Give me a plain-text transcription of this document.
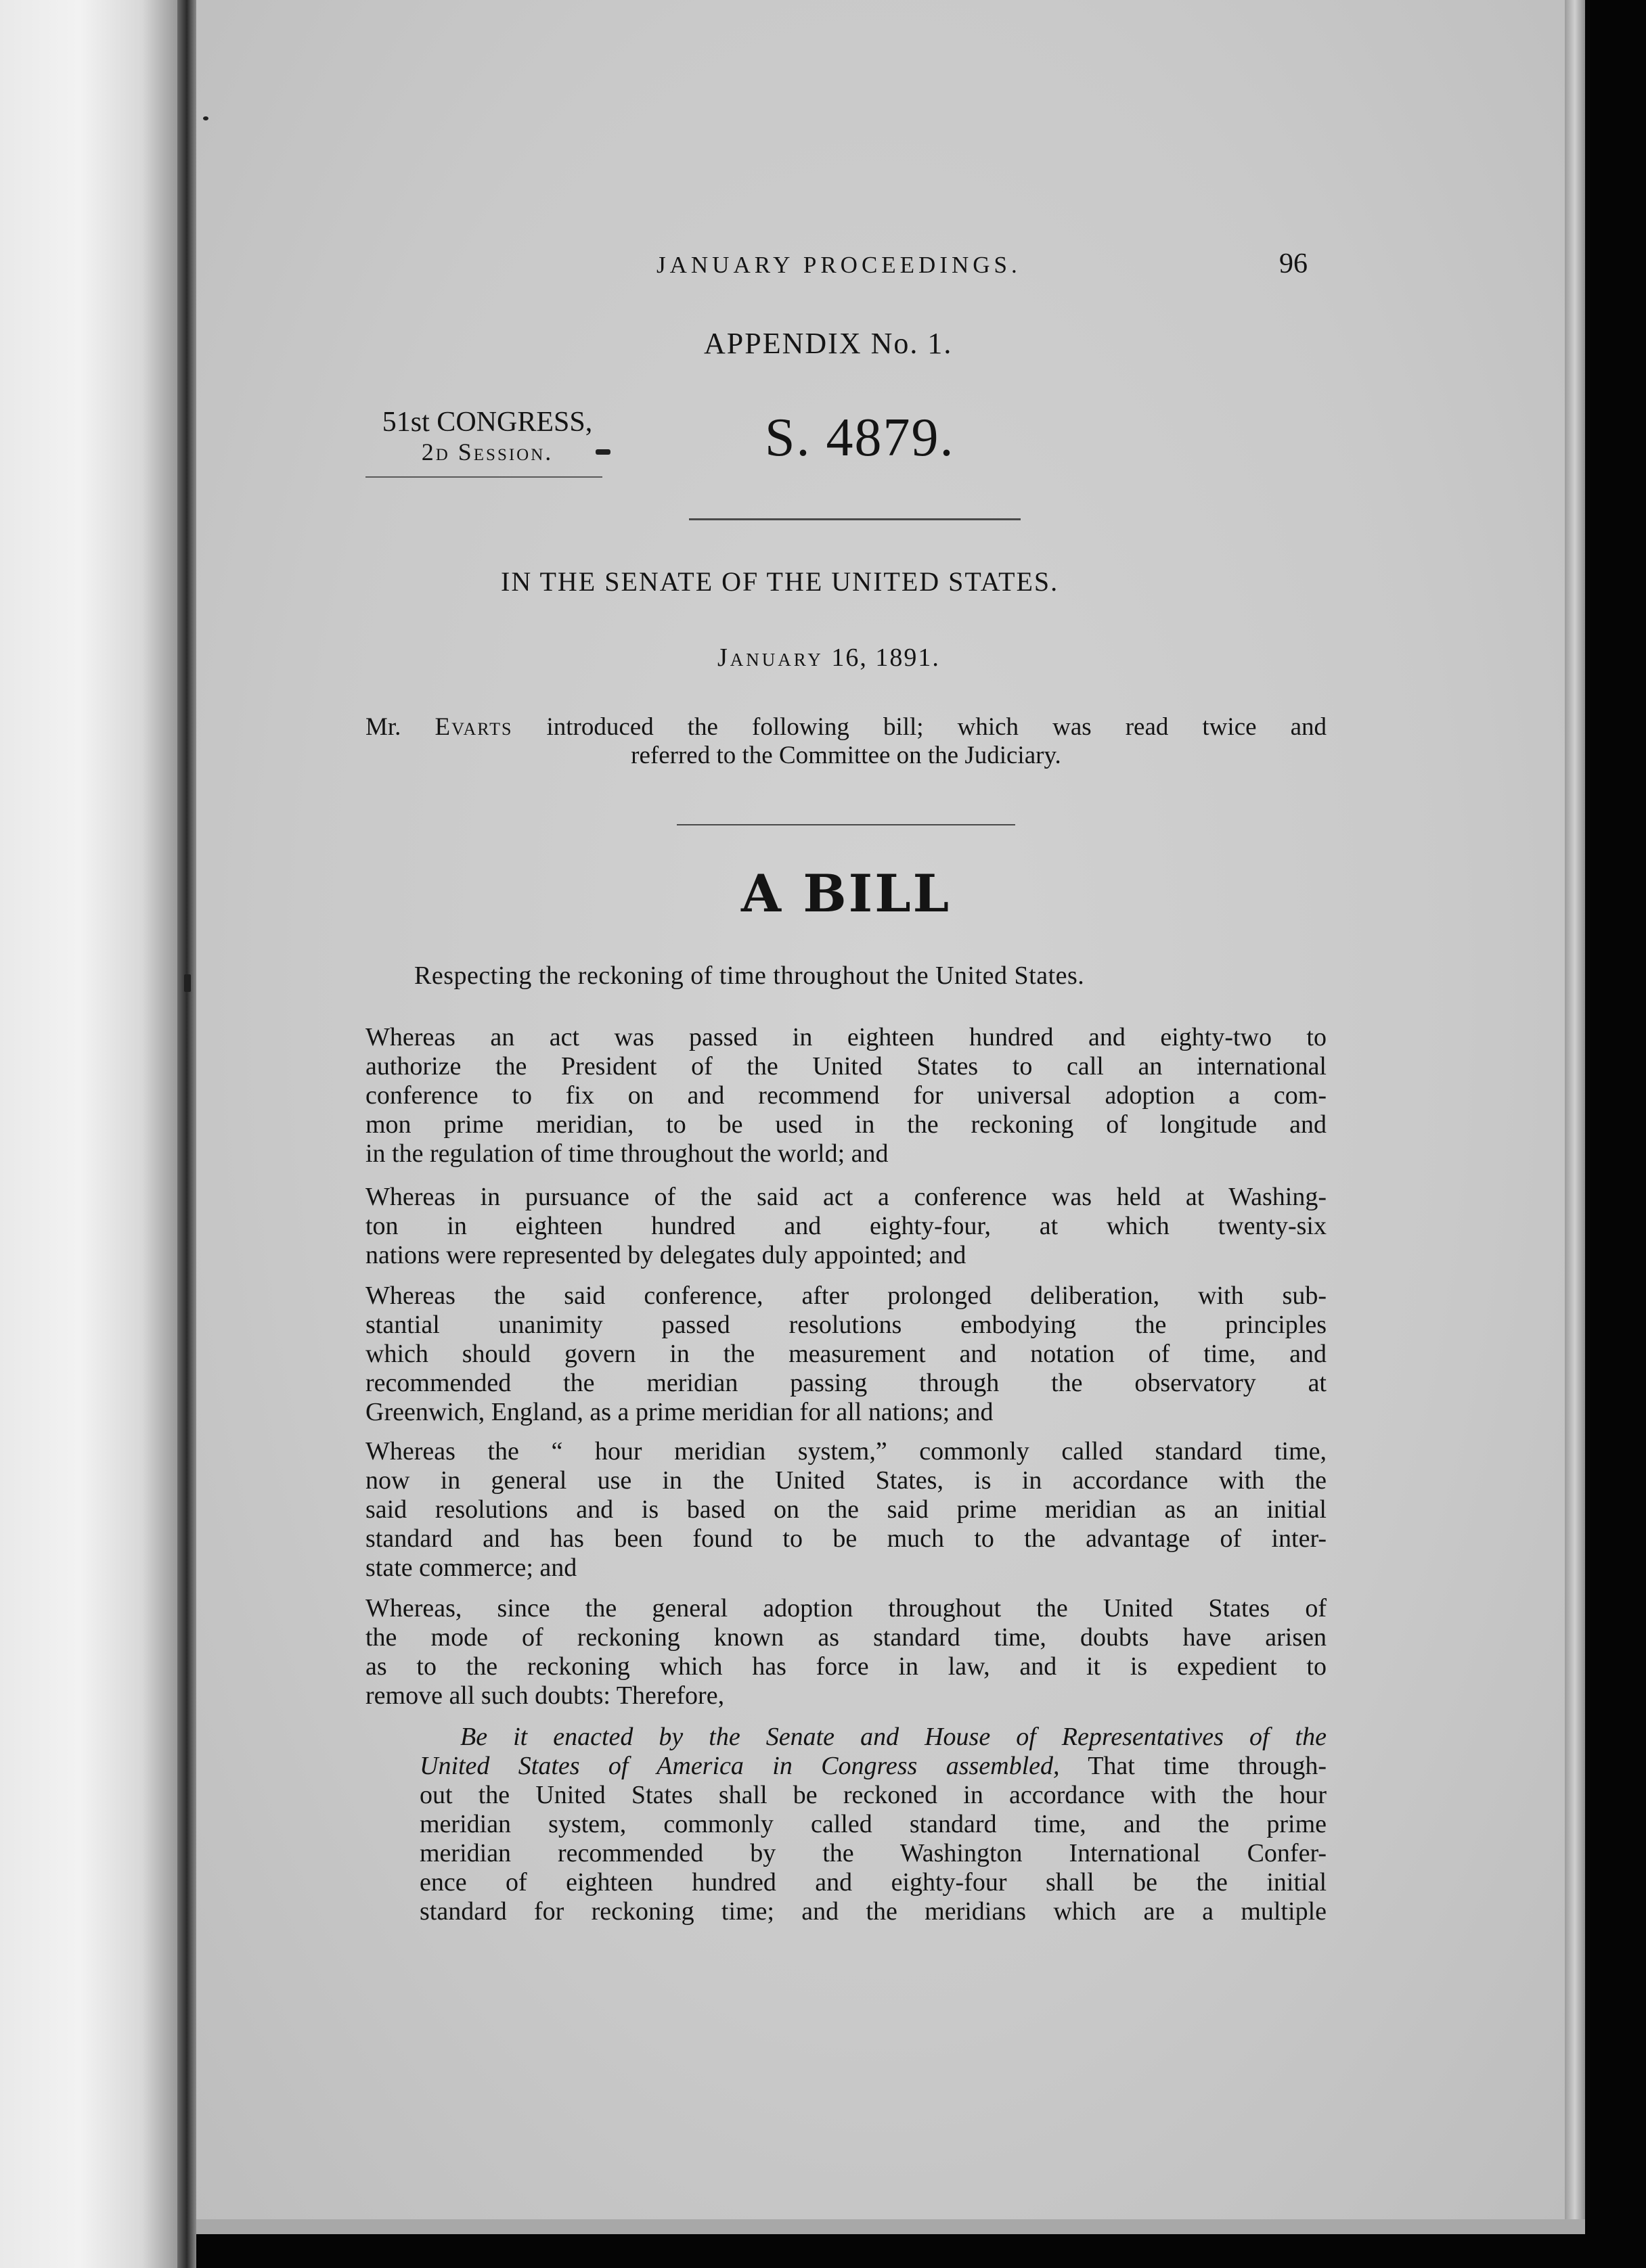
JANUARY PROCEEDINGS.	96
APPENDIX No. 1.
51st CONGRESS,
2d Session.	S. 4879.
IN THE SENATE OF THE UNITED STATES.
January 16, 1891.
Mr. Evarts introduced the following bill; which was read twice and
referred to the Committee on the Judiciary.
A BILL
Respecting the reckoning of time throughout the United States.

Whereas an act was passed in eighteen hundred and eighty-two to
authorize the President of the United States to call an international
conference to fix on and recommend for universal adoption a com-
mon prime meridian, to be used in the reckoning of longitude and
in the regulation of time throughout the world; and

Whereas in pursuance of the said act a conference was held at Washing-
ton in eighteen hundred and eighty-four, at which twenty-six
nations were represented by delegates duly appointed; and

Whereas the said conference, after prolonged deliberation, with sub-
stantial unanimity passed resolutions embodying the principles
which should govern in the measurement and notation of time, and
recommended the meridian passing through the observatory at
Greenwich, England, as a prime meridian for all nations; and

Whereas the “ hour meridian system,” commonly called standard time,
now in general use in the United States, is in accordance with the
said resolutions and is based on the said prime meridian as an initial
standard and has been found to be much to the advantage of inter-
state commerce; and

Whereas, since the general adoption throughout the United States of
the mode of reckoning known as standard time, doubts have arisen
as to the reckoning which has force in law, and it is expedient to
remove all such doubts: Therefore,

Be it enacted by the Senate and House of Representatives of the
United States of America in Congress assembled, That time through-
out the United States shall be reckoned in accordance with the hour
meridian system, commonly called standard time, and the prime
meridian recommended by the Washington International Confer-
ence of eighteen hundred and eighty-four shall be the initial
standard for reckoning time; and the meridians which are a multiple
